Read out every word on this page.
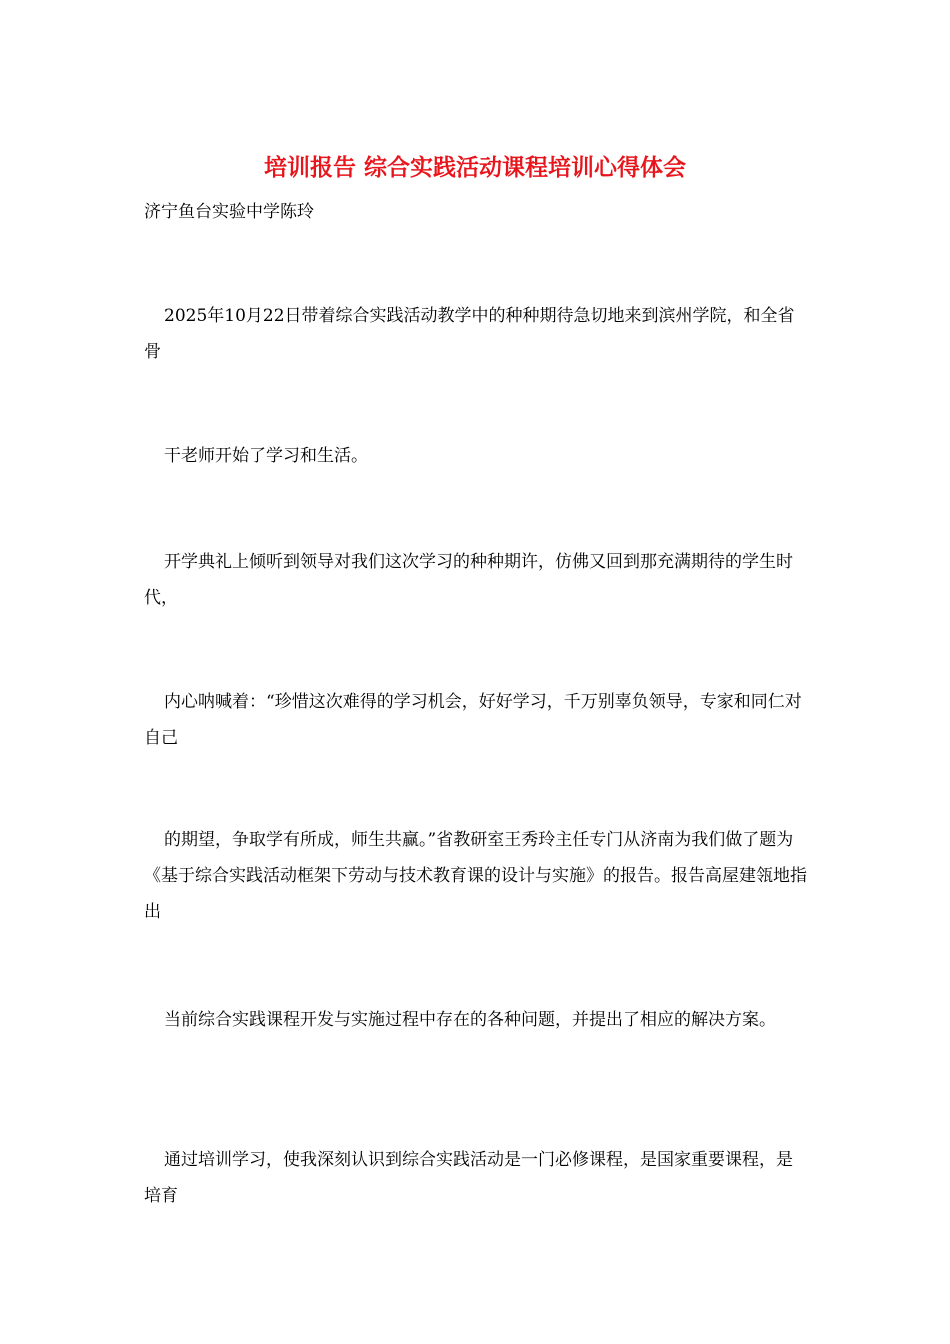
培训报告 综合实践活动课程培训心得体会
济宁鱼台实验中学陈玲

2025年10月22日带着综合实践活动教学中的种种期待急切地来到滨州学院，和全省骨

干老师开始了学习和生活。

开学典礼上倾听到领导对我们这次学习的种种期许，仿佛又回到那充满期待的学生时代，

内心呐喊着：“珍惜这次难得的学习机会，好好学习，千万别辜负领导，专家和同仁对自己

的期望，争取学有所成，师生共赢。”省教研室王秀玲主任专门从济南为我们做了题为《基于综合实践活动框架下劳动与技术教育课的设计与实施》的报告。报告高屋建瓴地指出

当前综合实践课程开发与实施过程中存在的各种问题，并提出了相应的解决方案。

通过培训学习，使我深刻认识到综合实践活动是一门必修课程，是国家重要课程，是培育
